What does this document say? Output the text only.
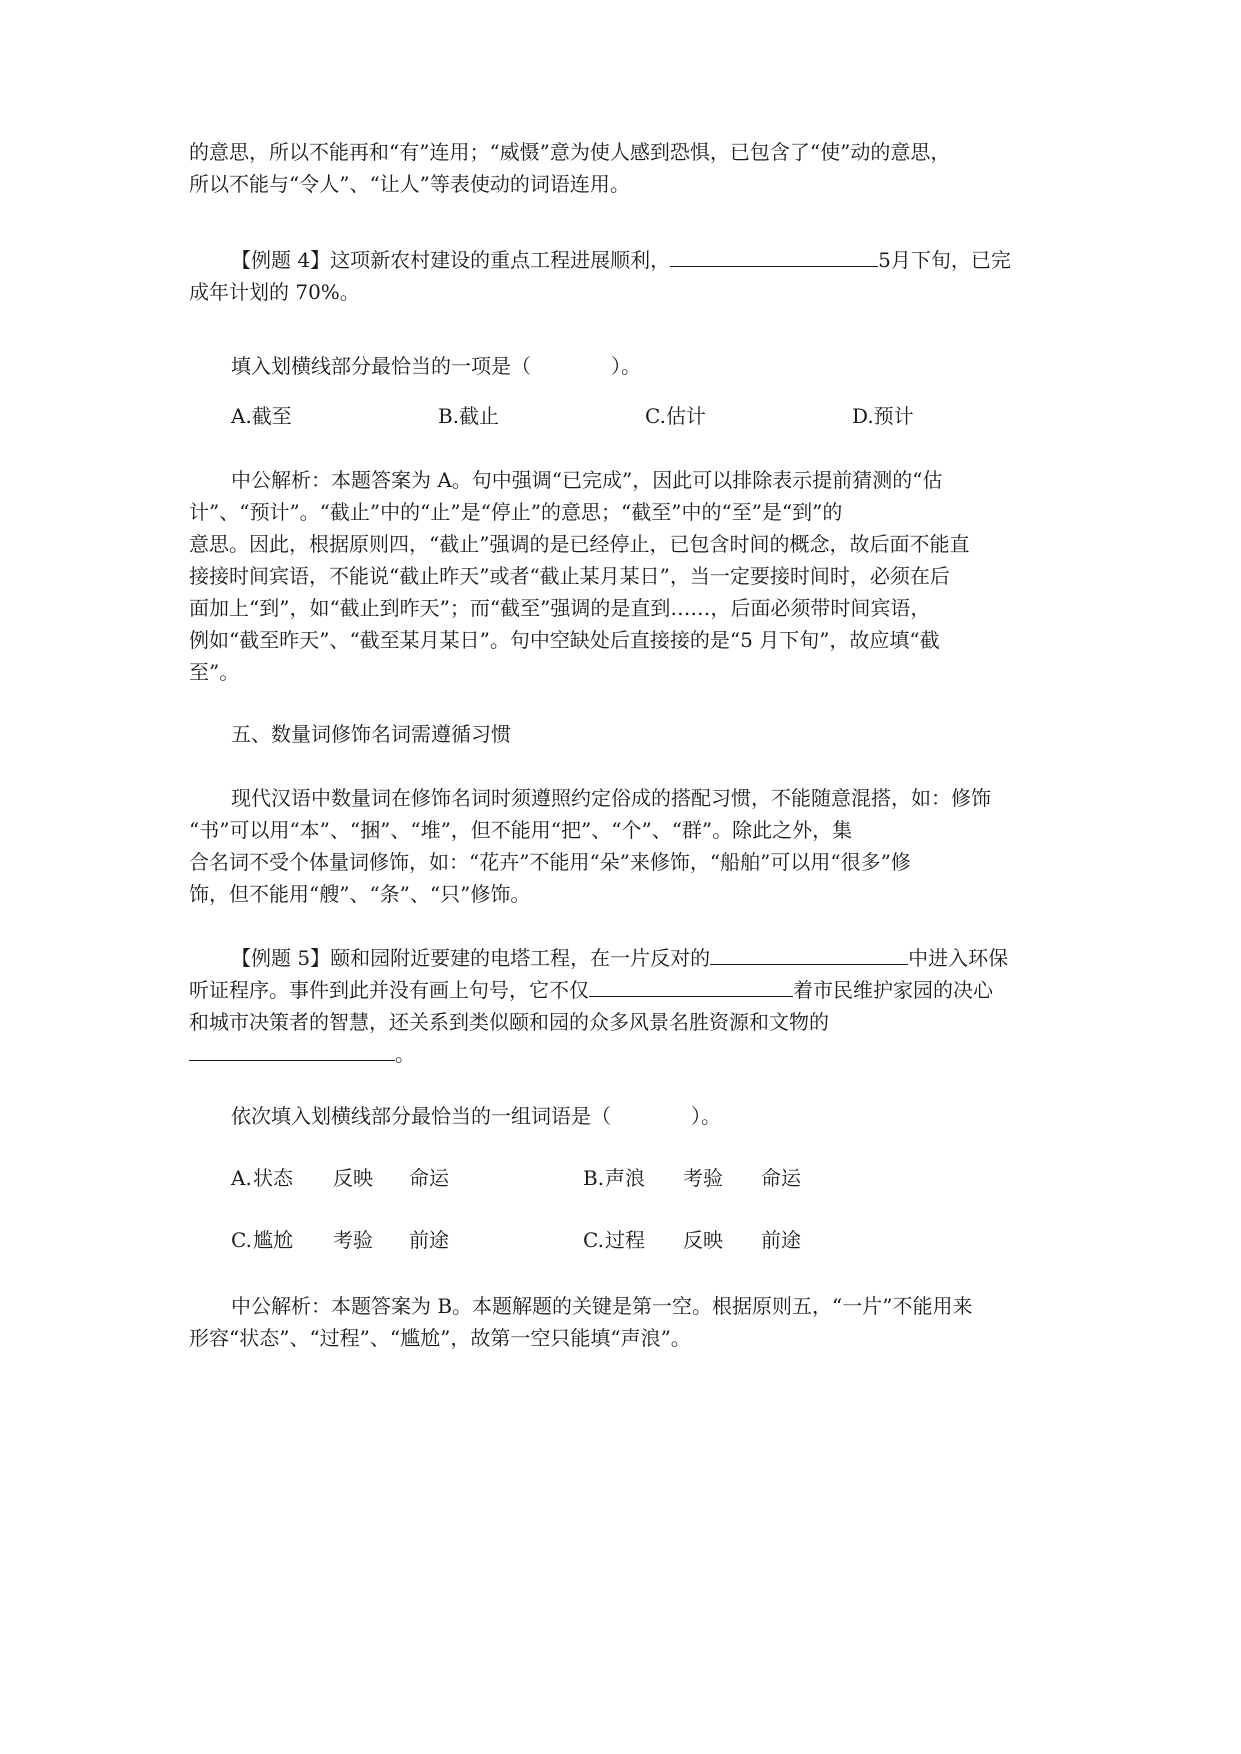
的意思，所以不能再和“有”连用；“威慑”意为使人感到恐惧，已包含了“使”动的意思，

所以不能与“令人”、“让人”等表使动的词语连用。

【例题 4】这项新农村建设的重点工程进展顺利，	5月下旬，已完

成年计划的 70%。

填入划横线部分最恰当的一项是（　　　　）。

A.截至	B.截止	C.估计	D.预计

中公解析：本题答案为 A。句中强调“已完成”，因此可以排除表示提前猜测的“估

计”、“预计”。“截止”中的“止”是“停止”的意思；“截至”中的“至”是“到”的

意思。因此，根据原则四，“截止”强调的是已经停止，已包含时间的概念，故后面不能直

接接时间宾语，不能说“截止昨天”或者“截止某月某日”，当一定要接时间时，必须在后

面加上“到”，如“截止到昨天”；而“截至”强调的是直到……，后面必须带时间宾语，

例如“截至昨天”、“截至某月某日”。句中空缺处后直接接的是“5 月下旬”，故应填“截

至”。

五、数量词修饰名词需遵循习惯

现代汉语中数量词在修饰名词时须遵照约定俗成的搭配习惯，不能随意混搭，如：修饰

“书”可以用“本”、“捆”、“堆”，但不能用“把”、“个”、“群”。除此之外，集

合名词不受个体量词修饰，如：“花卉”不能用“朵”来修饰，“船舶”可以用“很多”修

饰，但不能用“艘”、“条”、“只”修饰。

【例题 5】颐和园附近要建的电塔工程，在一片反对的	中进入环保

听证程序。事件到此并没有画上句号，它不仅	着市民维护家园的决心

和城市决策者的智慧，还关系到类似颐和园的众多风景名胜资源和文物的

。

依次填入划横线部分最恰当的一组词语是（　　　　）。

A. 状态 反映 命运	B. 声浪 考验 命运
C. 尴尬 考验 前途	C. 过程 反映 前途

中公解析：本题答案为 B。本题解题的关键是第一空。根据原则五，“一片”不能用来

形容“状态”、“过程”、“尴尬”，故第一空只能填“声浪”。
